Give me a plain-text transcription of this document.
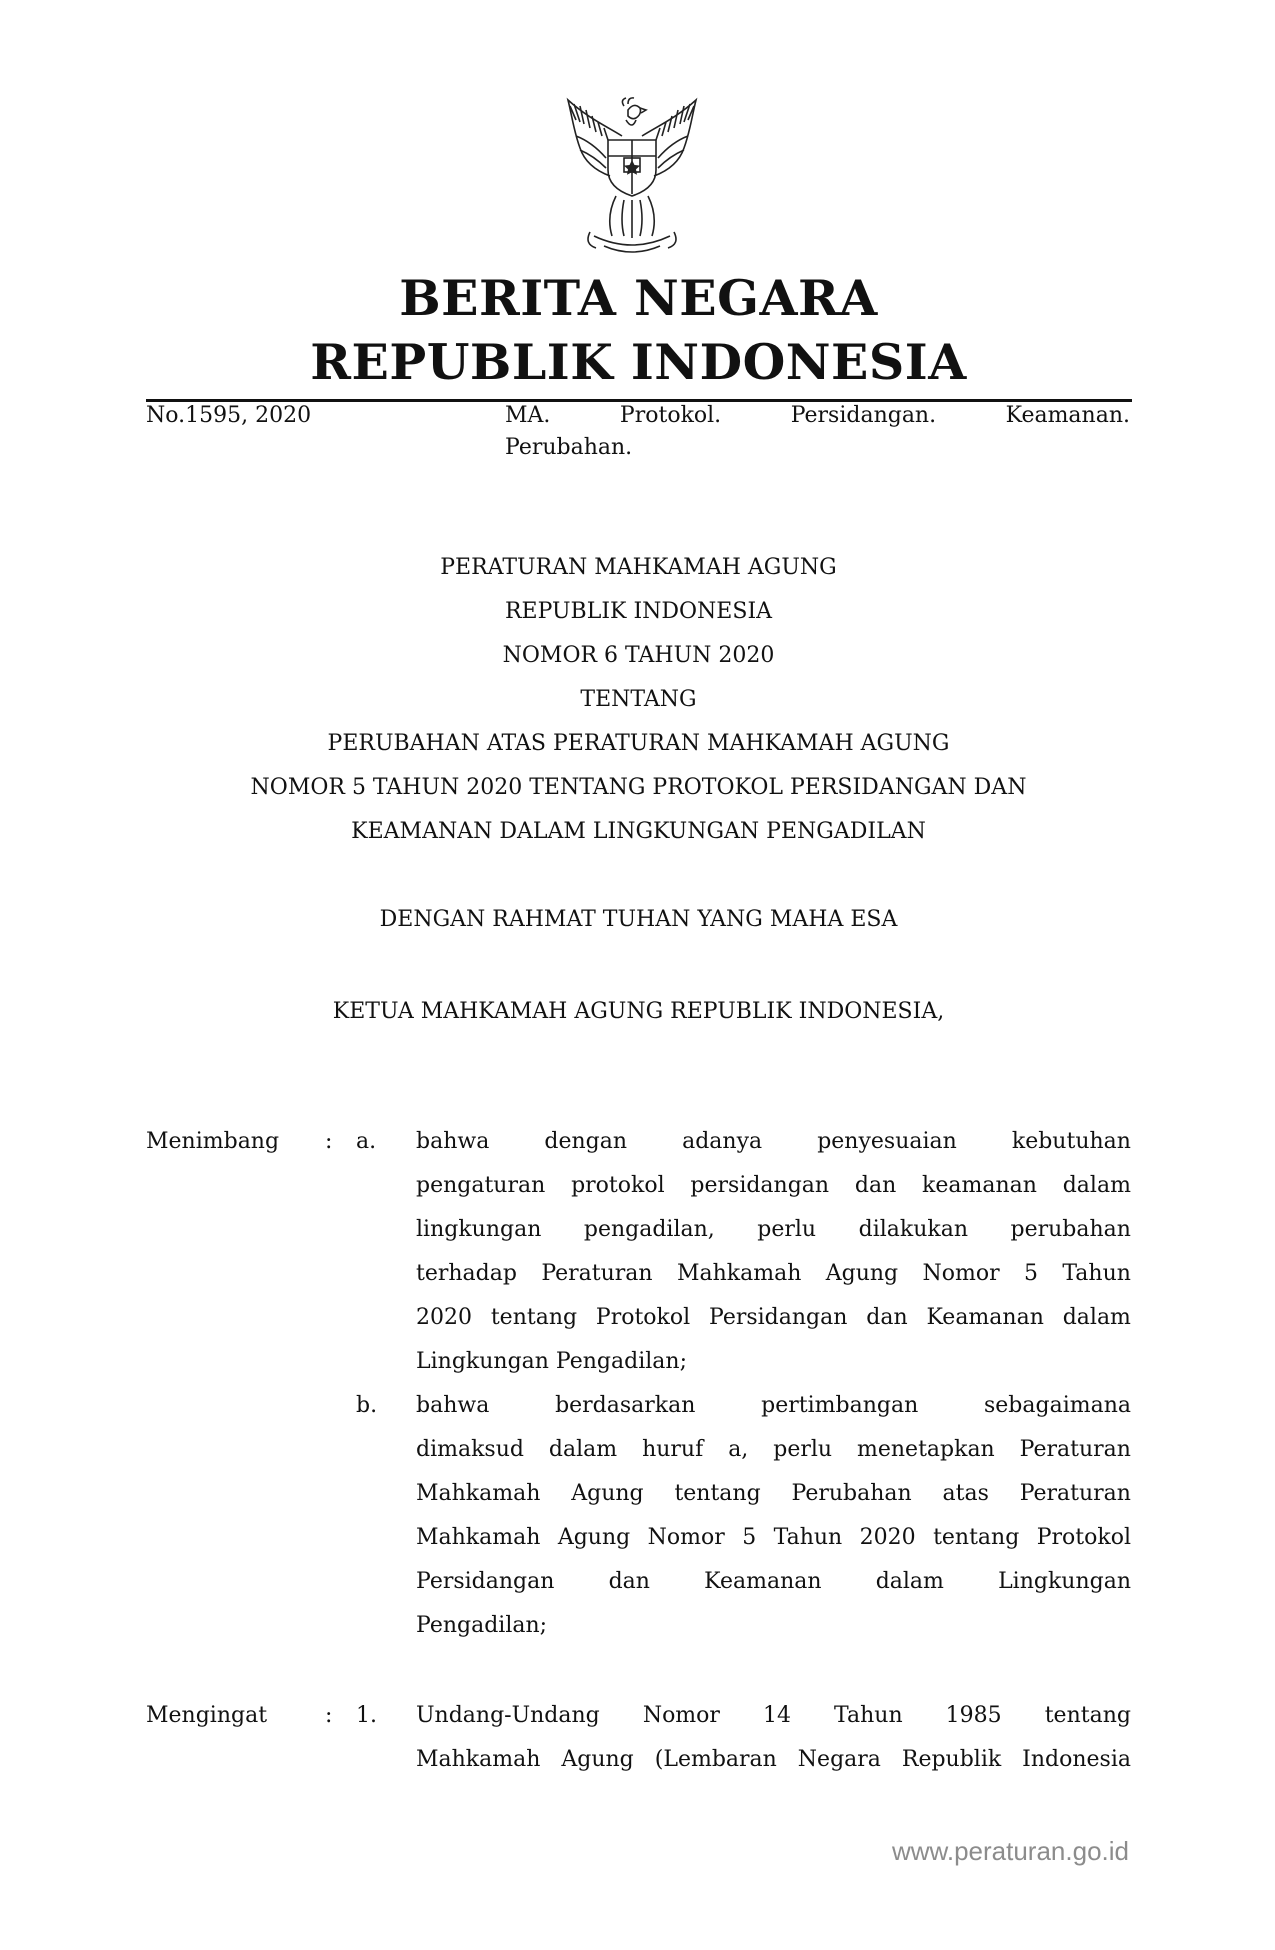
BERITA NEGARA
REPUBLIK INDONESIA
No.1595, 2020	MA.	Protokol.	Persidangan.	Keamanan.
Perubahan.
PERATURAN MAHKAMAH AGUNG
REPUBLIK INDONESIA
NOMOR 6 TAHUN 2020
TENTANG
PERUBAHAN ATAS PERATURAN MAHKAMAH AGUNG
NOMOR 5 TAHUN 2020 TENTANG PROTOKOL PERSIDANGAN DAN
KEAMANAN DALAM LINGKUNGAN PENGADILAN
DENGAN RAHMAT TUHAN YANG MAHA ESA
KETUA MAHKAMAH AGUNG REPUBLIK INDONESIA,
Menimbang : a. bahwa	dengan	adanya	penyesuaian	kebutuhan
pengaturan protokol persidangan dan keamanan dalam
lingkungan pengadilan, perlu dilakukan perubahan
terhadap Peraturan Mahkamah Agung Nomor 5 Tahun
2020 tentang Protokol Persidangan dan Keamanan dalam
Lingkungan Pengadilan;
b. bahwa	berdasarkan	pertimbangan	sebagaimana
dimaksud dalam huruf a, perlu menetapkan Peraturan
Mahkamah Agung tentang Perubahan atas Peraturan
Mahkamah Agung Nomor 5 Tahun 2020 tentang Protokol
Persidangan dan Keamanan dalam Lingkungan
Pengadilan;
Mengingat	: 1. Undang-Undang Nomor 14 Tahun 1985 tentang
Mahkamah Agung (Lembaran Negara Republik Indonesia
www.peraturan.go.id
